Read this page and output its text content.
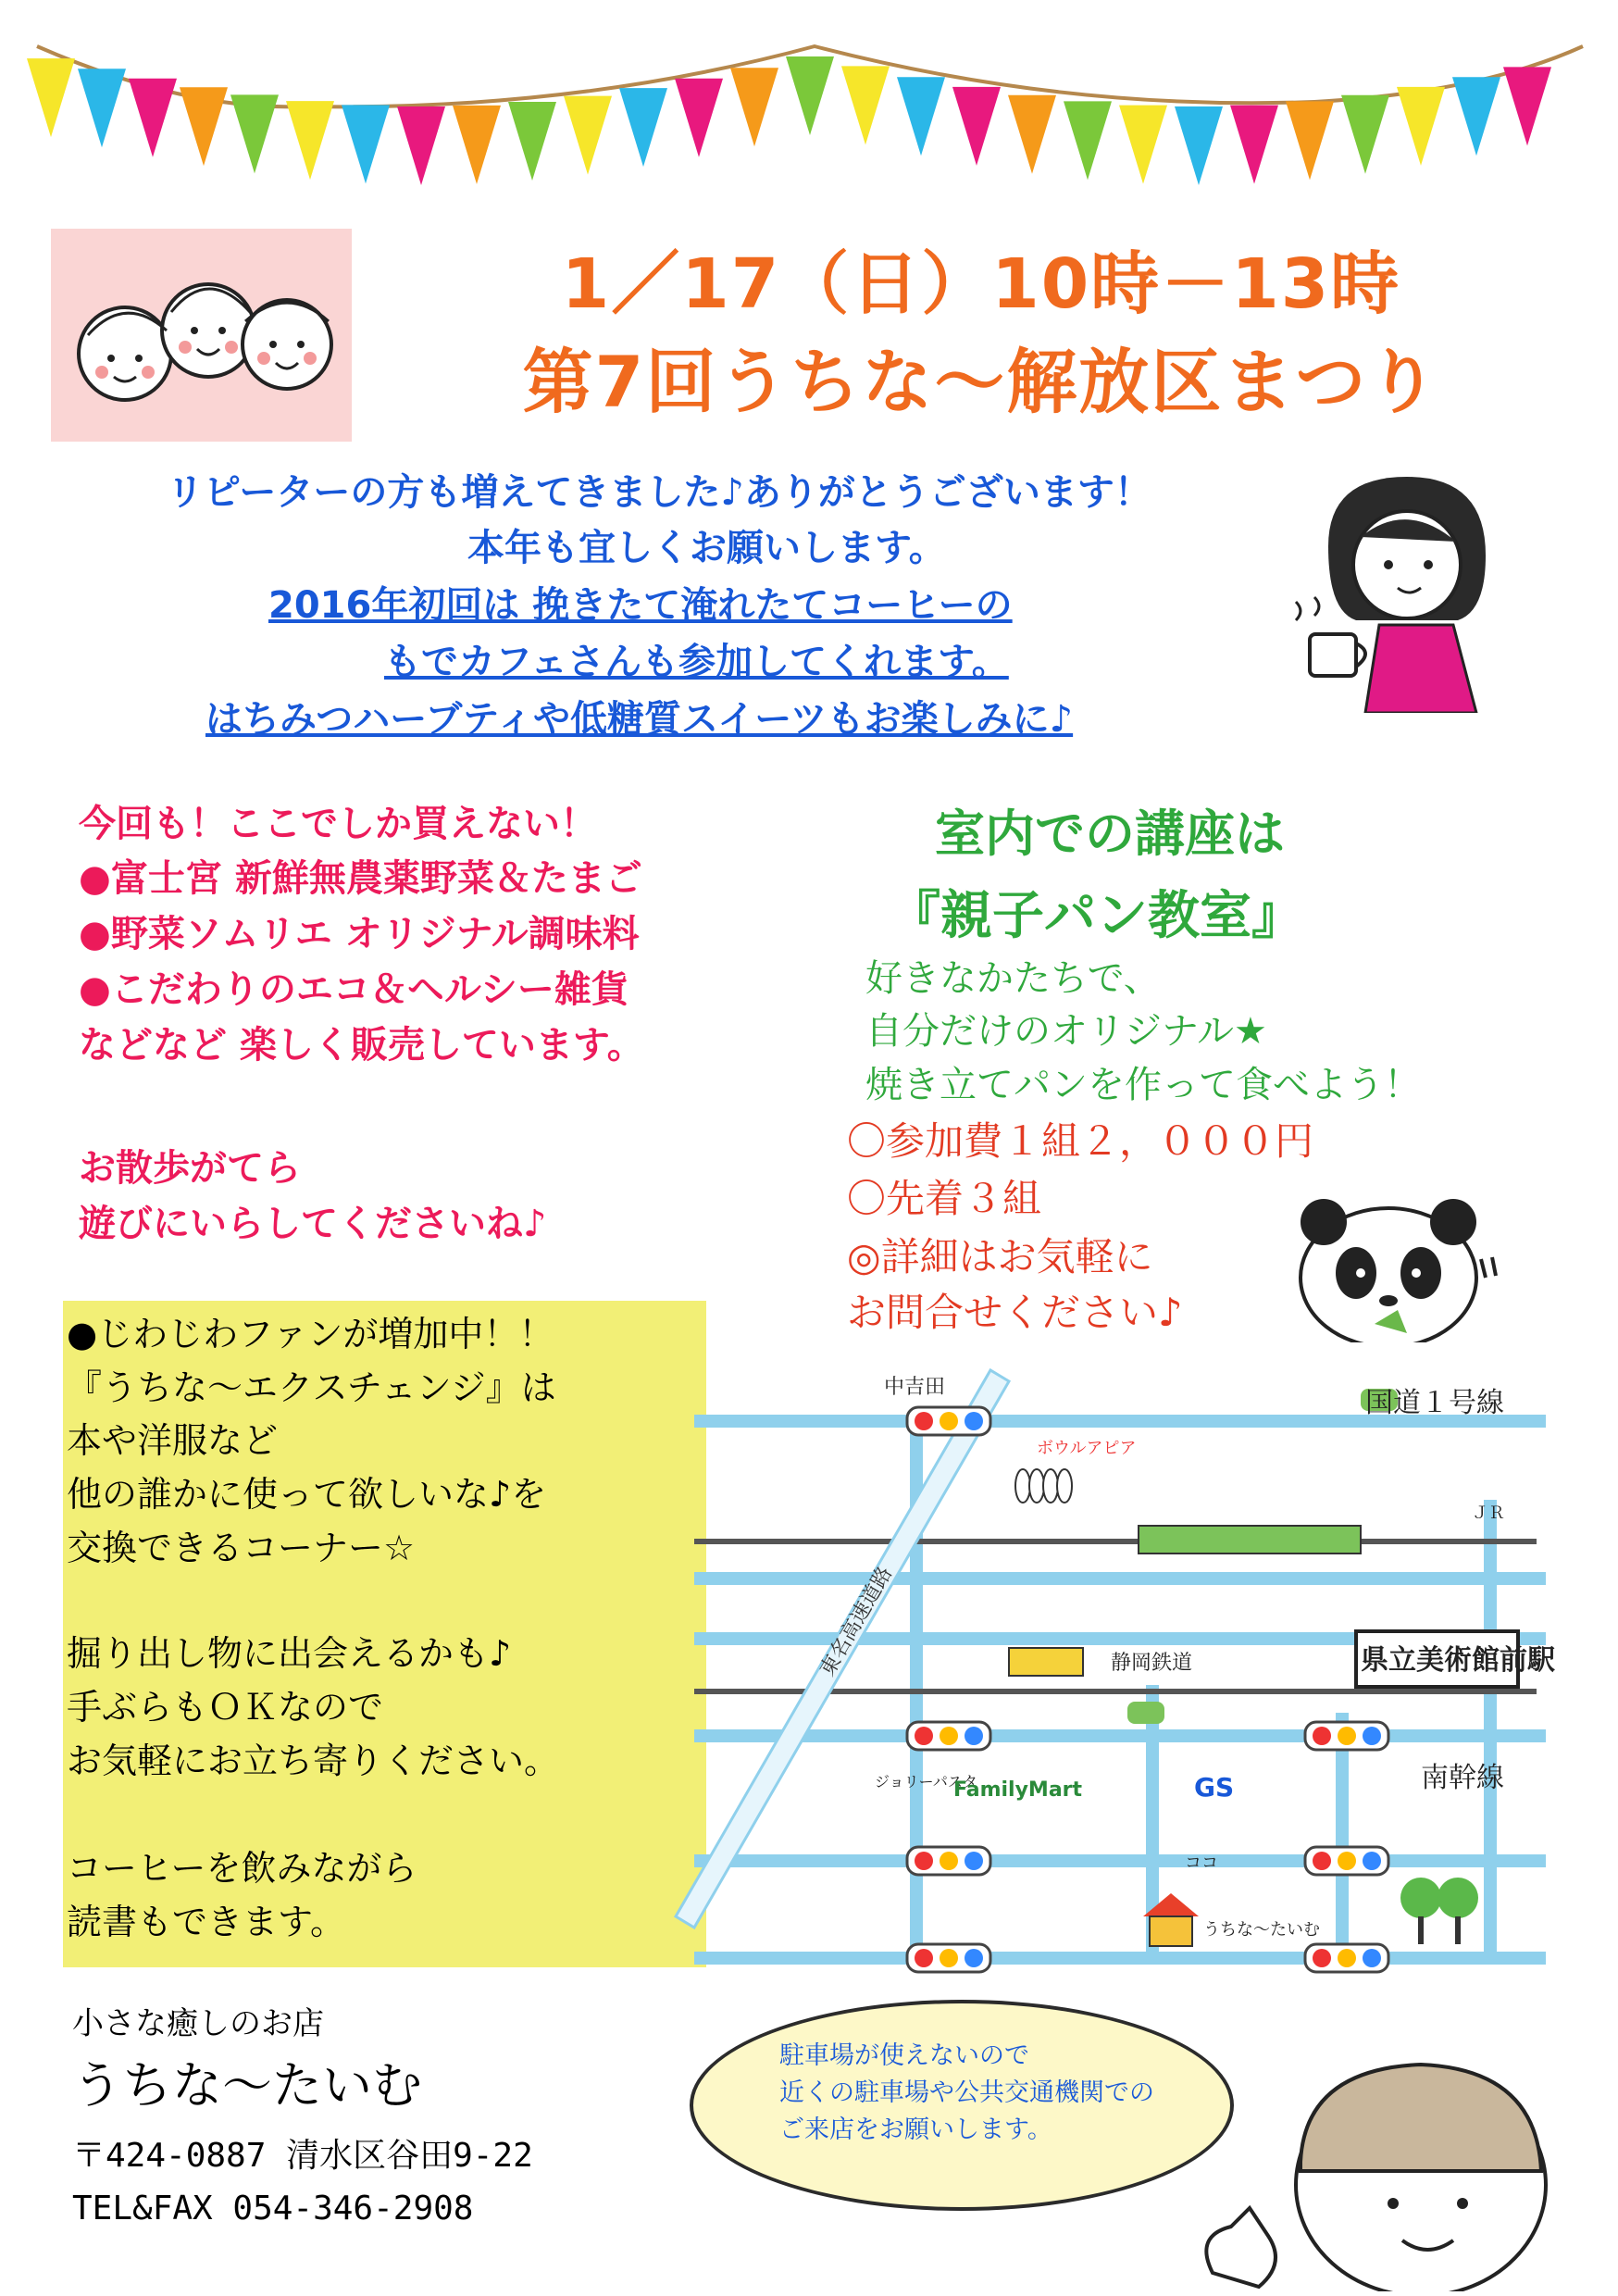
1／17（日）10時－13時
第7回うちな～解放区まつり
リピーターの方も増えてきました♪ありがとうございます！
本年も宜しくお願いします。
2016年初回は 挽きたて淹れたてコーヒーの
もでカフェさんも参加してくれます。
はちみつハーブティや低糖質スイーツもお楽しみに♪
今回も！ここでしか買えない！
●富士宮 新鮮無農薬野菜＆たまご
●野菜ソムリエ オリジナル調味料
●こだわりのエコ＆ヘルシー雑貨
などなど 楽しく販売しています。
お散歩がてら
遊びにいらしてくださいね♪
室内での講座は
『親子パン教室』
好きなかたちで、
自分だけのオリジナル★
焼き立てパンを作って食べよう！
〇参加費１組２，０００円
〇先着３組
◎詳細はお気軽に
お問合せください♪
●じわじわファンが増加中！！
『うちな～エクスチェンジ』は
本や洋服など
他の誰かに使って欲しいな♪を
交換できるコーナー☆
掘り出し物に出会えるかも♪
手ぶらもＯＫなので
お気軽にお立ち寄りください。
コーヒーを飲みながら
読書もできます。
中吉田	国道１号線
ボウルアピア
ＪＲ
静岡鉄道	県立美術館前駅
南幹線
ジョリーパスタ
FamilyMart	GS
ココ
うちな～たいむ
東名高速道路
小さな癒しのお店
うちな～たいむ
〒424-0887 清水区谷田9-22
TEL&FAX 054-346-2908
駐車場が使えないので
近くの駐車場や公共交通機関での
ご来店をお願いします。
